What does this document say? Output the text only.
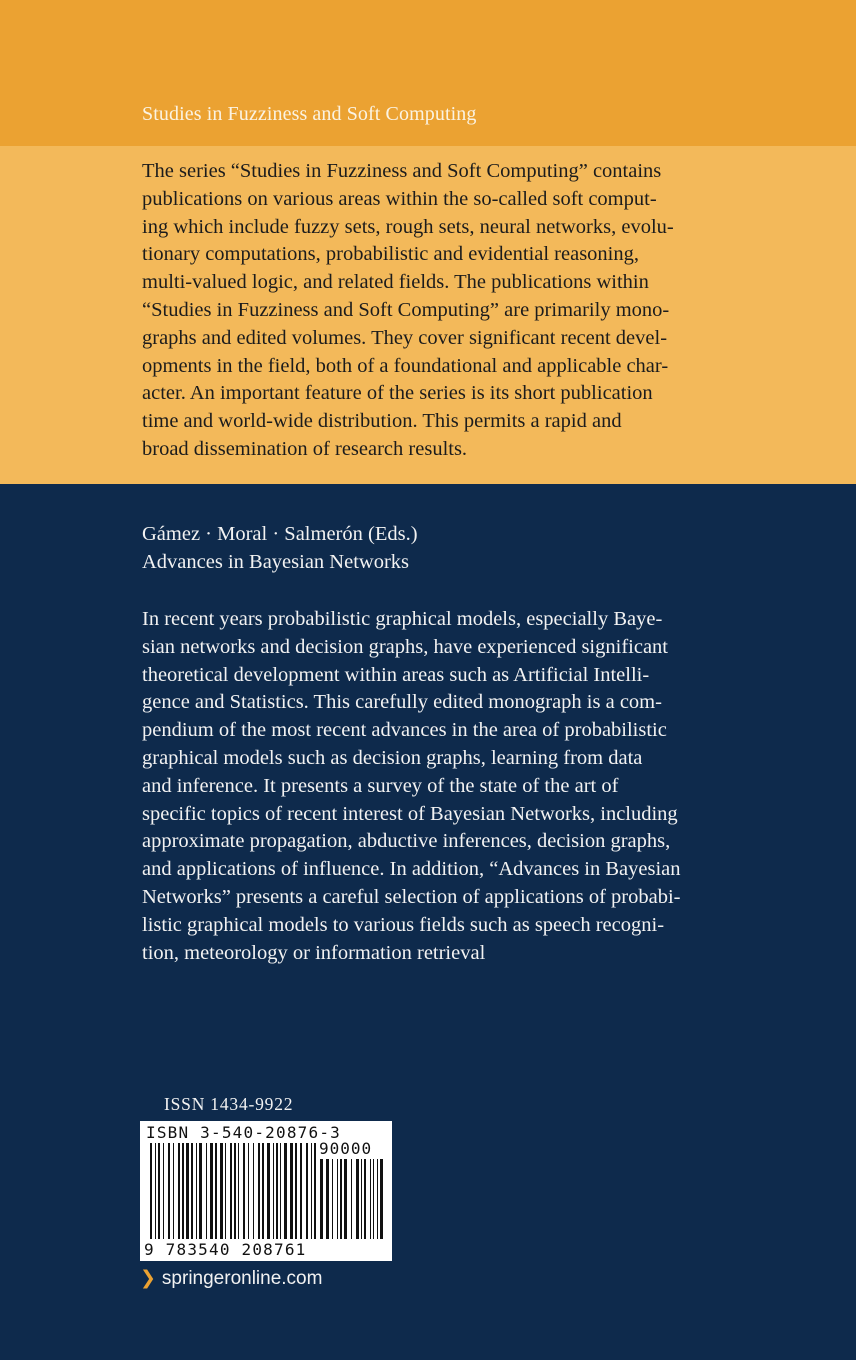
Studies in Fuzziness and Soft Computing
The series “Studies in Fuzziness and Soft Computing” contains
publications on various areas within the so-called soft comput-
ing which include fuzzy sets, rough sets, neural networks, evolu-
tionary computations, probabilistic and evidential reasoning,
multi-valued logic, and related fields. The publications within
“Studies in Fuzziness and Soft Computing” are primarily mono-
graphs and edited volumes. They cover significant recent devel-
opments in the field, both of a foundational and applicable char-
acter. An important feature of the series is its short publication
time and world-wide distribution. This permits a rapid and
broad dissemination of research results.
Gámez · Moral · Salmerón (Eds.)
Advances in Bayesian Networks
In recent years probabilistic graphical models, especially Baye-
sian networks and decision graphs, have experienced significant
theoretical development within areas such as Artificial Intelli-
gence and Statistics. This carefully edited monograph is a com-
pendium of the most recent advances in the area of probabilistic
graphical models such as decision graphs, learning from data
and inference. It presents a survey of the state of the art of
specific topics of recent interest of Bayesian Networks, including
approximate propagation, abductive inferences, decision graphs,
and applications of influence. In addition, “Advances in Bayesian
Networks” presents a careful selection of applications of probabi-
listic graphical models to various fields such as speech recogni-
tion, meteorology or information retrieval
ISSN 1434-9922
ISBN 3-540-20876-3
90000
9 783540 208761
❯ springeronline.com
